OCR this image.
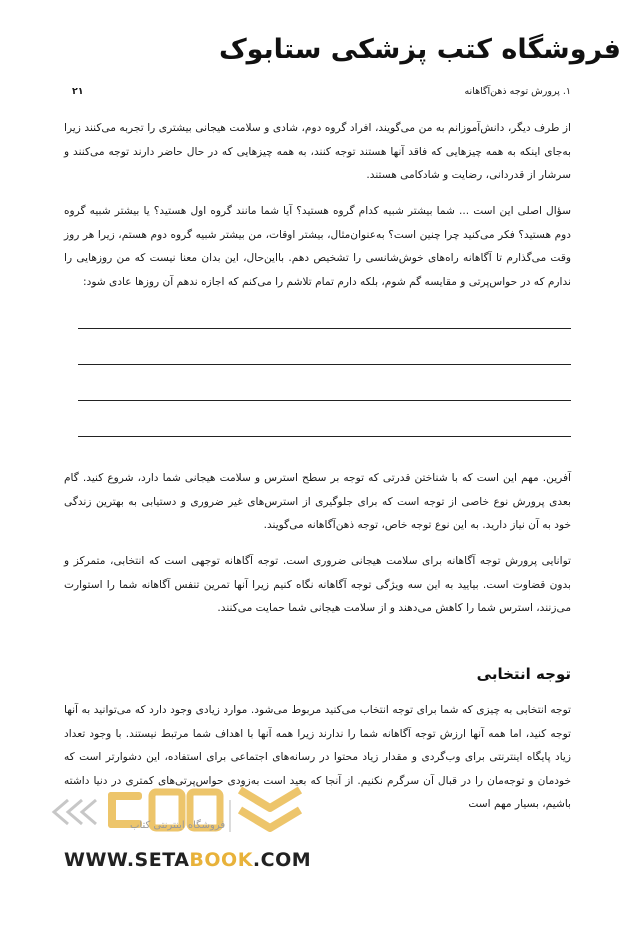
فروشگاه کتب پزشکی ستابوک
۱. پرورش توجه ذهن‌آگاهانه
۲۱
از طرف دیگر، دانش‌آموزانم به من می‌گویند، افراد گروه دوم، شادی و سلامت هیجانی بیشتری را تجربه می‌کنند زیرا به‌جای اینکه به همه چیزهایی که فاقد آنها هستند توجه کنند، به همه چیزهایی که در حال حاضر دارند توجه می‌کنند و سرشار از قدردانی، رضایت و شادکامی هستند.
سؤال اصلی این است ... شما بیشتر شبیه کدام گروه هستید؟ آیا شما مانند گروه اول هستید؟ یا بیشتر شبیه گروه دوم هستید؟ فکر می‌کنید چرا چنین است؟ به‌عنوان‌مثال، بیشتر اوقات، من بیشتر شبیه گروه دوم هستم، زیرا هر روز وقت می‌گذارم تا آگاهانه راه‌های خوش‌شانسی را تشخیص دهم. بااین‌حال، این بدان معنا نیست که من روزهایی را ندارم که در حواس‌پرتی و مقایسه گم شوم، بلکه دارم تمام تلاشم را می‌کنم که اجازه ندهم آن روزها عادی شود:
آفرین. مهم این است که با شناختن قدرتی که توجه بر سطح استرس و سلامت هیجانی شما دارد، شروع کنید. گام بعدی پرورش نوع خاصی از توجه است که برای جلوگیری از استرس‌های غیر ضروری و دستیابی به بهترین زندگی خود به آن نیاز دارید. به این نوع توجه خاص، توجه ذهن‌آگاهانه می‌گویند.
توانایی پرورش توجه آگاهانه برای سلامت هیجانی ضروری است. توجه آگاهانه توجهی است که انتخابی، متمرکز و بدون قضاوت است. بیایید به این سه ویژگی توجه آگاهانه نگاه کنیم زیرا آنها تمرین تنفس آگاهانه شما را استوارت می‌زنند، استرس شما را کاهش می‌دهند و از سلامت هیجانی شما حمایت می‌کنند.
توجه انتخابی
توجه انتخابی به چیزی که شما برای توجه انتخاب می‌کنید مربوط می‌شود. موارد زیادی وجود دارد که می‌توانید به آنها توجه کنید، اما همه آنها ارزش توجه آگاهانه شما را ندارند زیرا همه آنها با اهداف شما مرتبط نیستند. با وجود تعداد زیاد پایگاه اینترنتی برای وب‌گردی و مقدار زیاد محتوا در رسانه‌های اجتماعی برای استفاده، این دشوارتر است که خودمان و توجه‌مان را در قبال آن سرگرم نکنیم. از آنجا که بعید است به‌زودی حواس‌پرتی‌های کمتری در دنیا داشته باشیم، بسیار مهم است
فروشگاه اینترنتی کتاب
WWW.SETABOOK.COM
